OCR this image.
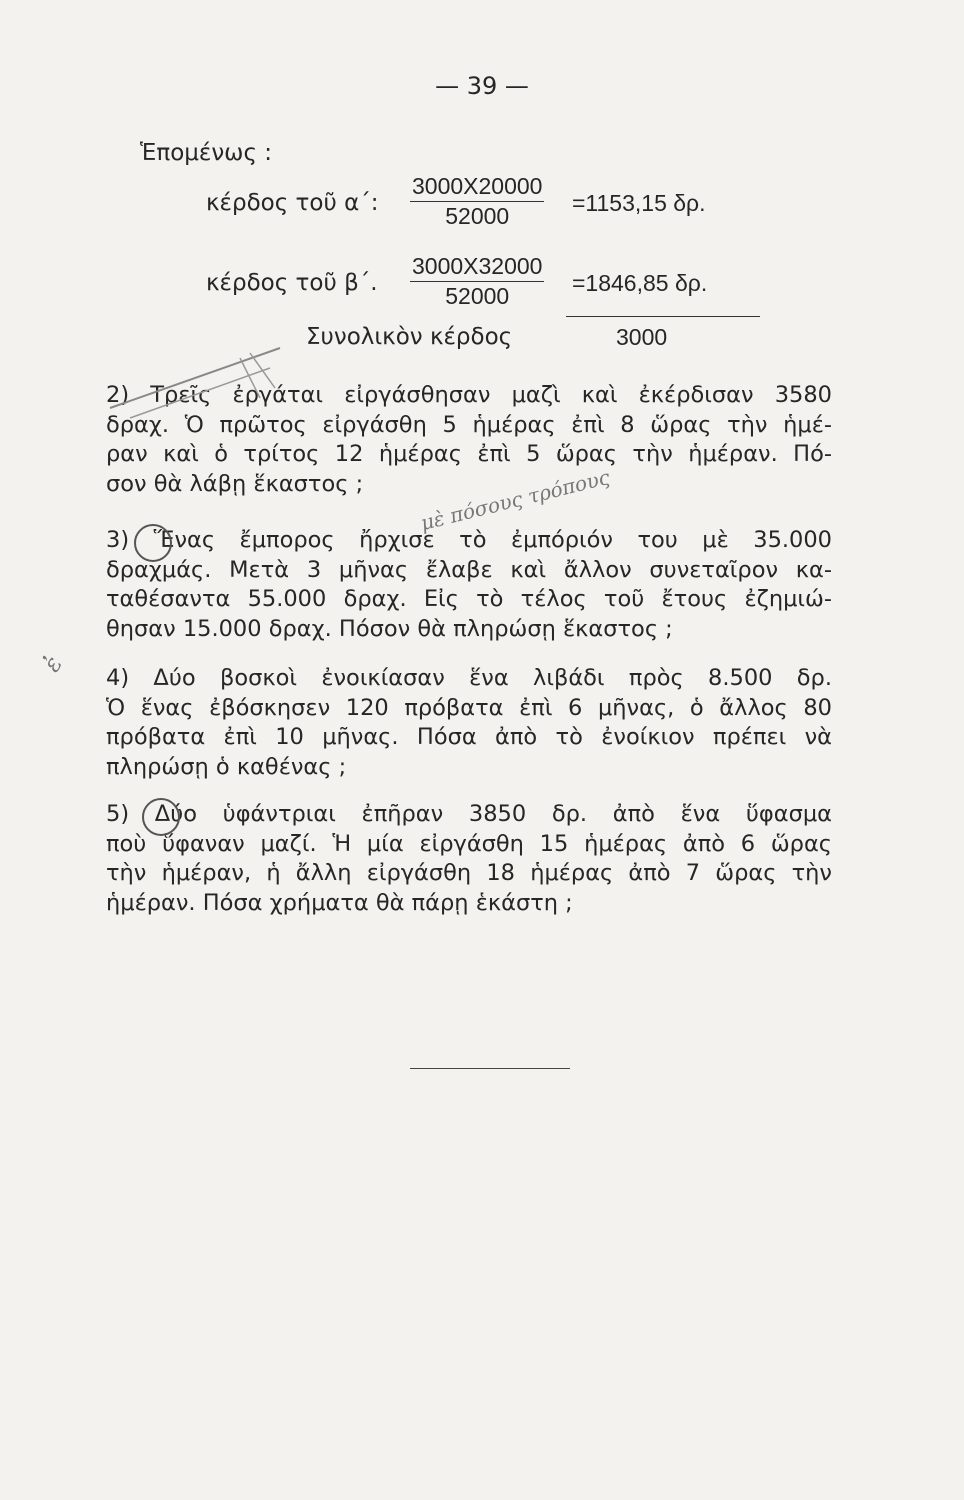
— 39 —
Ἑπομένως :
κέρδος τοῦ α΄: $\frac{3000X20000}{52000} =1153,15$ δρ.
κέρδος τοῦ β΄. $\frac{3000X32000}{52000} =1846,85$ δρ.
Συνολικὸν κέρδος	3000
2) Τρεῖς ἐργάται εἰργάσθησαν μαζὶ καὶ ἐκέρδισαν 3580
δραχ. Ὁ πρῶτος εἰργάσθη 5 ἡμέρας ἐπὶ 8 ὥρας τὴν ἡμέ-
ραν καὶ ὁ τρίτος 12 ἡμέρας ἐπὶ 5 ὥρας τὴν ἡμέραν. Πό-
σον θὰ λάβῃ ἕκαστος ;
3) Ἕνας ἔμπορος ἤρχισε τὸ ἐμπόριόν του μὲ 35.000
δραχμάς. Μετὰ 3 μῆνας ἔλαβε καὶ ἄλλον συνεταῖρον κα-
ταθέσαντα 55.000 δραχ. Εἰς τὸ τέλος τοῦ ἔτους ἐζημιώ-
θησαν 15.000 δραχ. Πόσον θὰ πληρώσῃ ἕκαστος ;
4) Δύο βοσκοὶ ἐνοικίασαν ἕνα λιβάδι πρὸς 8.500 δρ.
Ὁ ἕνας ἐβόσκησεν 120 πρόβατα ἐπὶ 6 μῆνας, ὁ ἄλλος 80
πρόβατα ἐπὶ 10 μῆνας. Πόσα ἀπὸ τὸ ἐνοίκιον πρέπει νὰ
πληρώσῃ ὁ καθένας ;
5) Δύο ὑφάντριαι ἐπῆραν 3850 δρ. ἀπὸ ἕνα ὕφασμα
ποὺ ὕφαναν μαζί. Ἡ μία εἰργάσθη 15 ἡμέρας ἀπὸ 6 ὥρας
τὴν ἡμέραν, ἡ ἄλλη εἰργάσθη 18 ἡμέρας ἀπὸ 7 ὥρας τὴν
ἡμέραν. Πόσα χρήματα θὰ πάρῃ ἑκάστη ;
μὲ πόσους τρόπους
ἐ
